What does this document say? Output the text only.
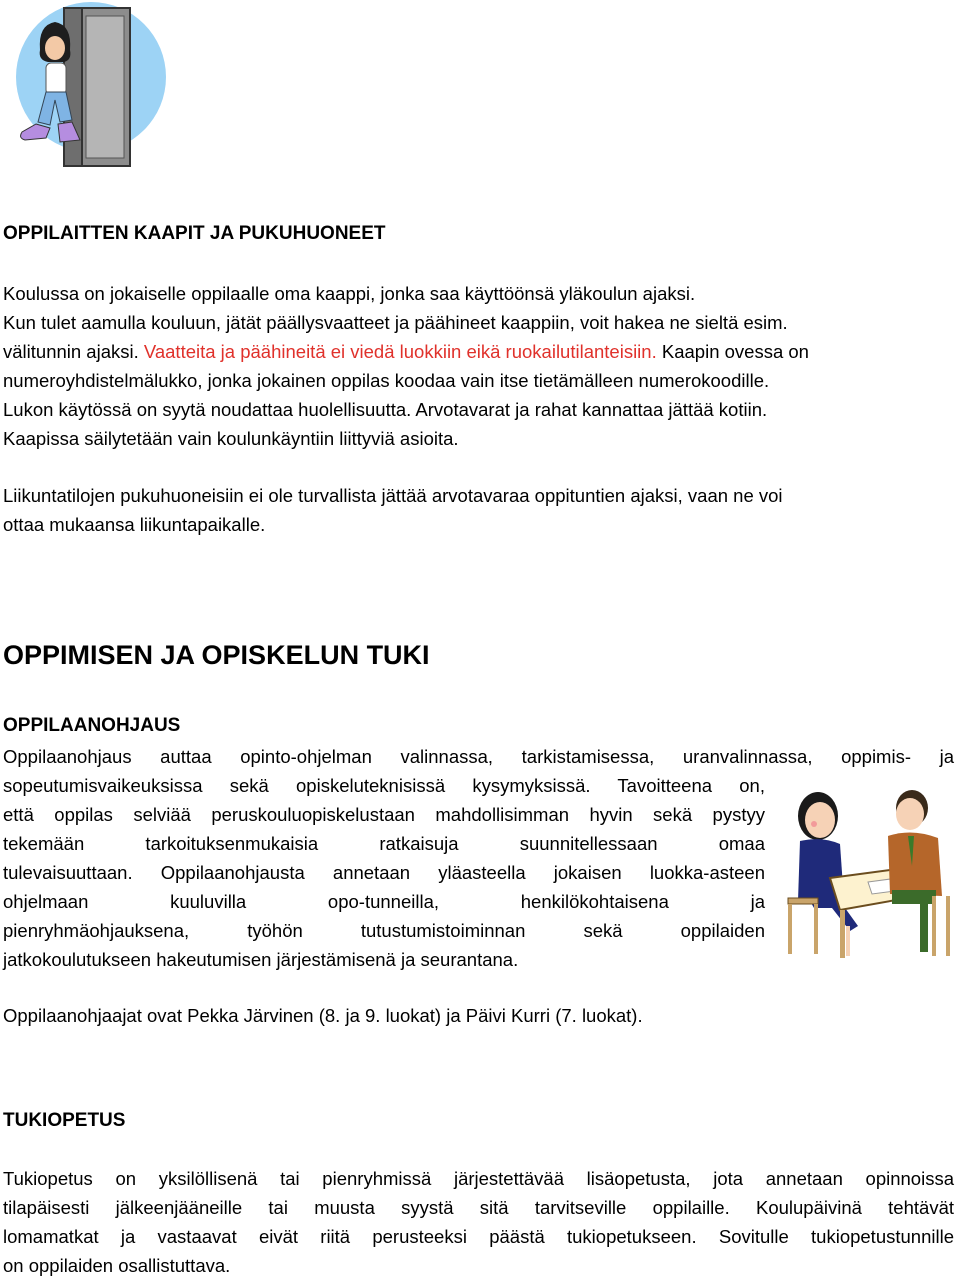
OPPILAITTEN KAAPIT JA PUKUHUONEET
Koulussa on jokaiselle oppilaalle oma kaappi, jonka saa käyttöönsä yläkoulun ajaksi.
Kun tulet aamulla kouluun, jätät päällysvaatteet ja päähineet kaappiin, voit hakea ne sieltä esim.
välitunnin ajaksi. Vaatteita ja päähineitä ei viedä luokkiin eikä ruokailutilanteisiin. Kaapin ovessa on
numeroyhdistelmälukko, jonka jokainen oppilas koodaa vain itse tietämälleen numerokoodille.
Lukon käytössä on syytä noudattaa huolellisuutta. Arvotavarat ja rahat kannattaa jättää kotiin.
Kaapissa säilytetään vain koulunkäyntiin liittyviä asioita.
Liikuntatilojen pukuhuoneisiin ei ole turvallista jättää arvotavaraa oppituntien ajaksi, vaan ne voi
ottaa mukaansa liikuntapaikalle.
OPPIMISEN JA OPISKELUN TUKI
OPPILAANOHJAUS
Oppilaanohjaus auttaa opinto-ohjelman valinnassa, tarkistamisessa, uranvalinnassa, oppimis- ja
sopeutumisvaikeuksissa sekä opiskeluteknisissä kysymyksissä. Tavoitteena on,
että oppilas selviää peruskouluopiskelustaan mahdollisimman hyvin sekä pystyy
tekemään tarkoituksenmukaisia ratkaisuja suunnitellessaan omaa
tulevaisuuttaan. Oppilaanohjausta annetaan yläasteella jokaisen luokka-asteen
ohjelmaan kuuluvilla opo-tunneilla, henkilökohtaisena ja
pienryhmäohjauksena, työhön tutustumistoiminnan sekä oppilaiden
jatkokoulutukseen hakeutumisen järjestämisenä ja seurantana.
Oppilaanohjaajat ovat Pekka Järvinen (8. ja 9. luokat) ja Päivi Kurri (7. luokat).
TUKIOPETUS
Tukiopetus on yksilöllisenä tai pienryhmissä järjestettävää lisäopetusta, jota annetaan opinnoissa
tilapäisesti jälkeenjääneille tai muusta syystä sitä tarvitseville oppilaille. Koulupäivinä tehtävät
lomamatkat ja vastaavat eivät riitä perusteeksi päästä tukiopetukseen. Sovitulle tukiopetustunnille
on oppilaiden osallistuttava.
